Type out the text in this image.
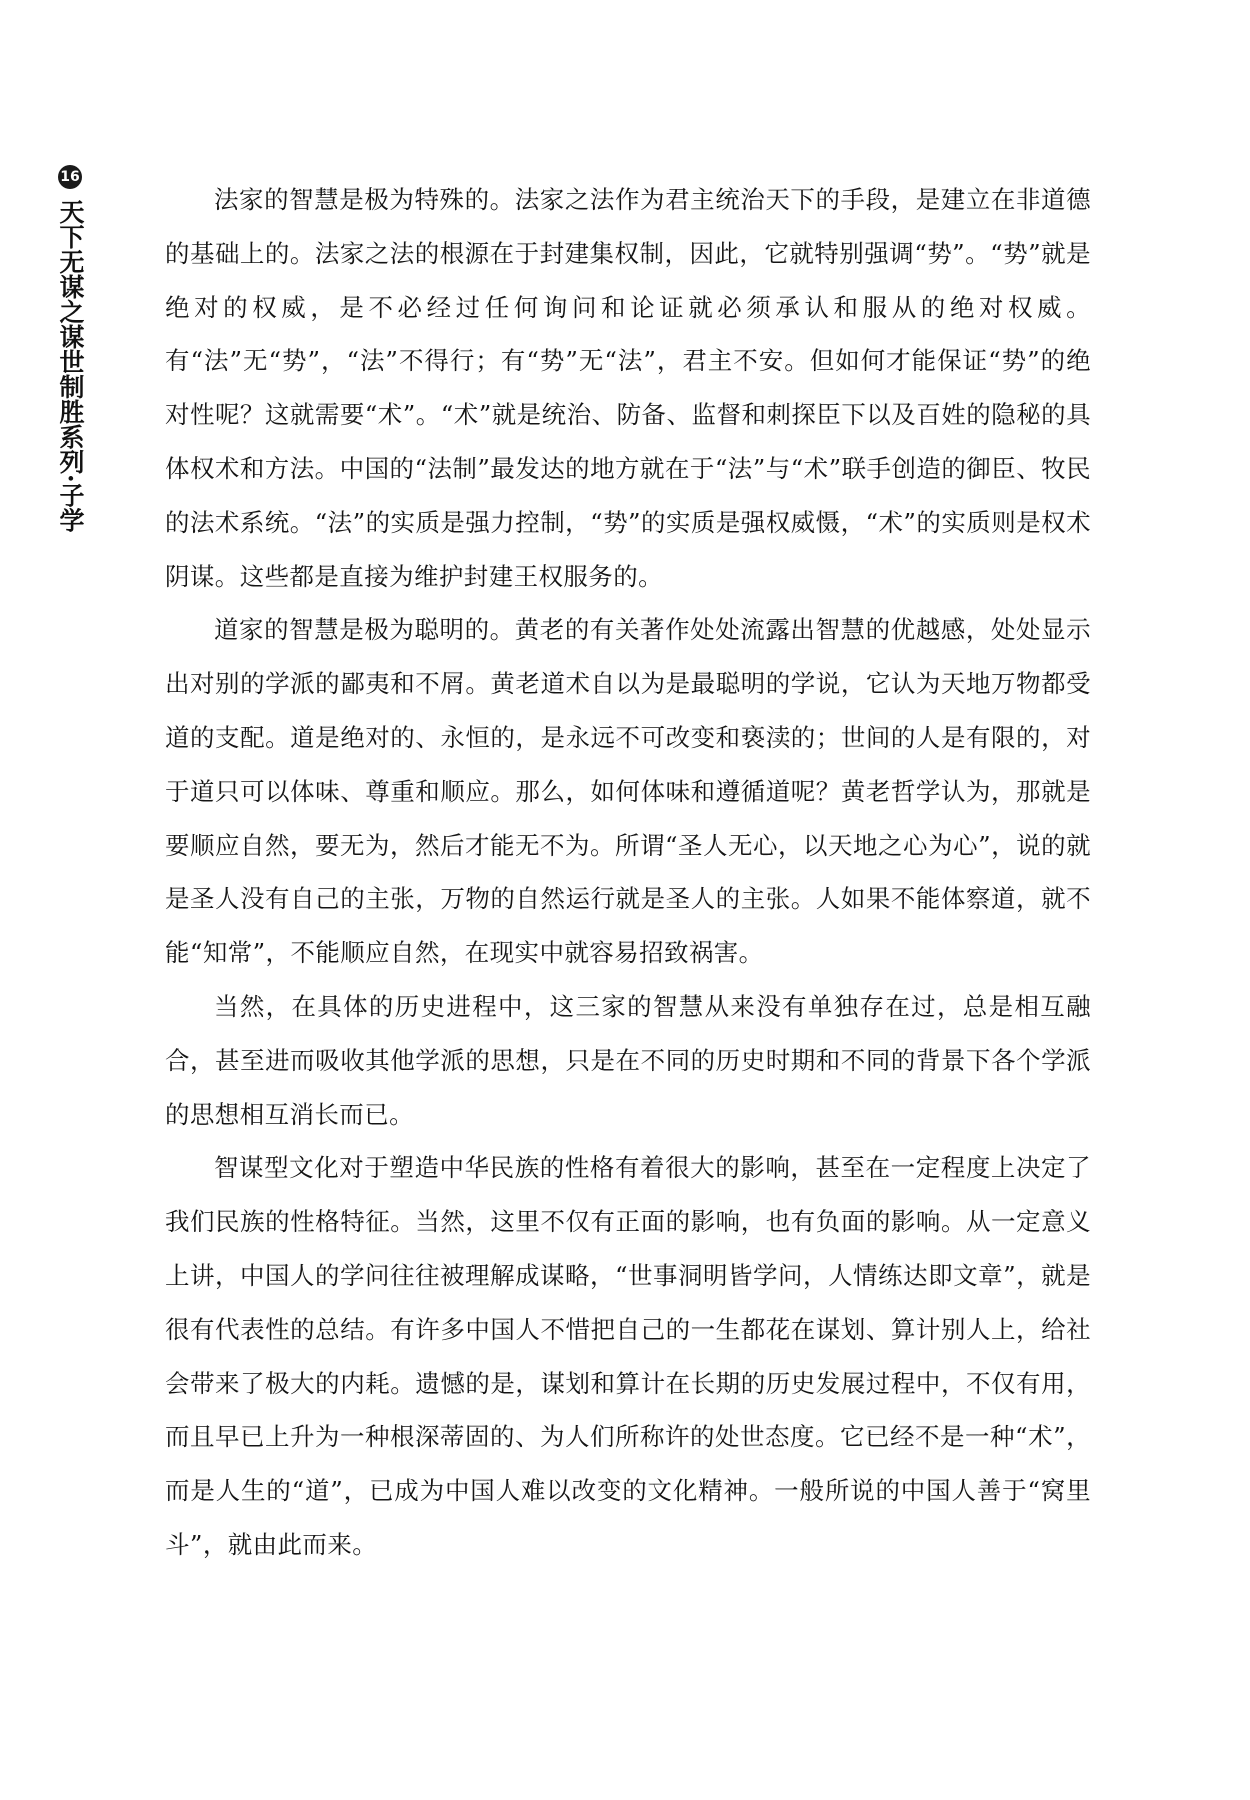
16
天下无谋之谋世制胜系列·子学	法家的智慧是极为特殊的。法家之法作为君主统治天下的手段，是建立在非道德的基础上的。法家之法的根源在于封建集权制，因此，它就特别强调“势”。“势”就是绝对的权威，是不必经过任何询问和论证就必须承认和服从的绝对权威。有“法”无“势”，“法”不得行；有“势”无“法”，君主不安。但如何才能保证“势”的绝对性呢？这就需要“术”。“术”就是统治、防备、监督和刺探臣下以及百姓的隐秘的具体权术和方法。中国的“法制”最发达的地方就在于“法”与“术”联手创造的御臣、牧民的法术系统。“法”的实质是强力控制，“势”的实质是强权威慑，“术”的实质则是权术阴谋。这些都是直接为维护封建王权服务的。

道家的智慧是极为聪明的。黄老的有关著作处处流露出智慧的优越感，处处显示出对别的学派的鄙夷和不屑。黄老道术自以为是最聪明的学说，它认为天地万物都受道的支配。道是绝对的、永恒的，是永远不可改变和亵渎的；世间的人是有限的，对于道只可以体味、尊重和顺应。那么，如何体味和遵循道呢？黄老哲学认为，那就是要顺应自然，要无为，然后才能无不为。所谓“圣人无心，以天地之心为心”，说的就是圣人没有自己的主张，万物的自然运行就是圣人的主张。人如果不能体察道，就不能“知常”，不能顺应自然，在现实中就容易招致祸害。

当然，在具体的历史进程中，这三家的智慧从来没有单独存在过，总是相互融合，甚至进而吸收其他学派的思想，只是在不同的历史时期和不同的背景下各个学派的思想相互消长而已。

智谋型文化对于塑造中华民族的性格有着很大的影响，甚至在一定程度上决定了我们民族的性格特征。当然，这里不仅有正面的影响，也有负面的影响。从一定意义上讲，中国人的学问往往被理解成谋略，“世事洞明皆学问，人情练达即文章”，就是很有代表性的总结。有许多中国人不惜把自己的一生都花在谋划、算计别人上，给社会带来了极大的内耗。遗憾的是，谋划和算计在长期的历史发展过程中，不仅有用，而且早已上升为一种根深蒂固的、为人们所称许的处世态度。它已经不是一种“术”，而是人生的“道”，已成为中国人难以改变的文化精神。一般所说的中国人善于“窝里斗”，就由此而来。
